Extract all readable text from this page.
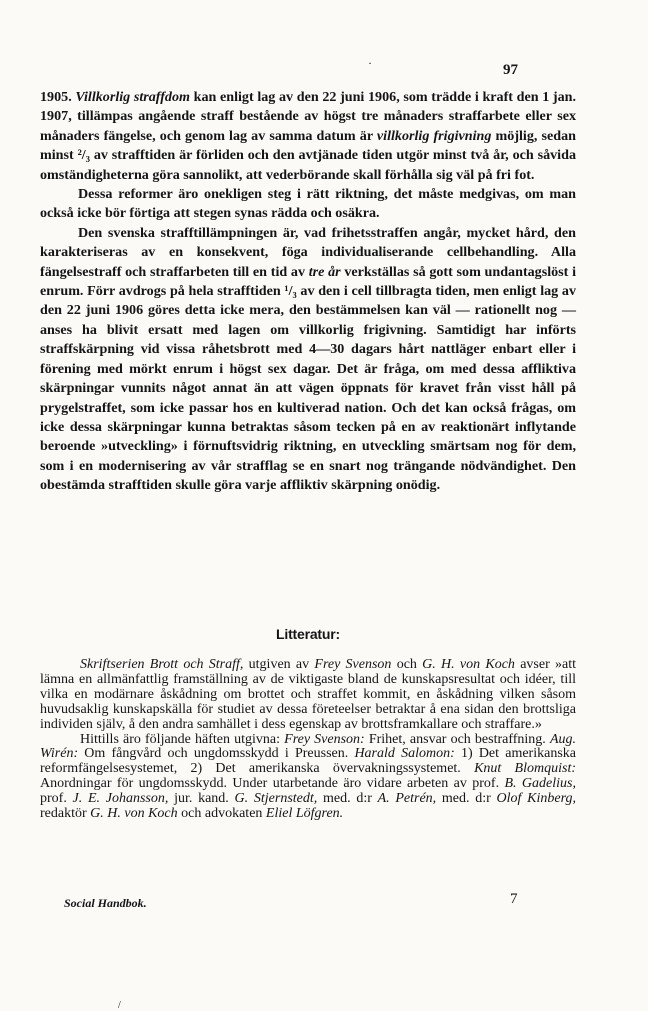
·	97

1905. Villkorlig straffdom kan enligt lag av den 22 juni 1906, som trädde i kraft den 1 jan. 1907, tillämpas angående straff bestående av högst tre månaders straffarbete eller sex månaders fängelse, och genom lag av samma datum är villkorlig frigivning möjlig, sedan minst ²/₃ av strafftiden är förliden och den avtjänade tiden utgör minst två år, och såvida omständigheterna göra sannolikt, att vederbörande skall förhålla sig väl på fri fot.

Dessa reformer äro onekligen steg i rätt riktning, det måste medgivas, om man också icke bör förtiga att stegen synas rädda och osäkra.

Den svenska strafftillämpningen är, vad frihetsstraffen angår, mycket hård, den karakteriseras av en konsekvent, föga individualiserande cellbehandling. Alla fängelsestraff och straffarbeten till en tid av tre år verkställas så gott som undantagslöst i enrum. Förr avdrogs på hela strafftiden ¹/₃ av den i cell tillbragta tiden, men enligt lag av den 22 juni 1906 göres detta icke mera, den bestämmelsen kan väl — rationellt nog — anses ha blivit ersatt med lagen om villkorlig frigivning. Samtidigt har införts straffskärpning vid vissa råhetsbrott med 4—30 dagars hårt nattläger enbart eller i förening med mörkt enrum i högst sex dagar. Det är fråga, om med dessa affliktiva skärpningar vunnits något annat än att vägen öppnats för kravet från visst håll på prygelstraffet, som icke passar hos en kultiverad nation. Och det kan också frågas, om icke dessa skärpningar kunna betraktas såsom tecken på en av reaktionärt inflytande beroende »utveckling» i förnuftsvidrig riktning, en utveckling smärtsam nog för dem, som i en modernisering av vår strafflag se en snart nog trängande nödvändighet. Den obestämda strafftiden skulle göra varje affliktiv skärpning onödig.

Litteratur:

Skriftserien Brott och Straff, utgiven av Frey Svenson och G. H. von Koch avser »att lämna en allmänfattlig framställning av de viktigaste bland de kunskapsresultat och idéer, till vilka en modärnare åskådning om brottet och straffet kommit, en åskådning vilken såsom huvudsaklig kunskapskälla för studiet av dessa företeelser betraktar å ena sidan den brottsliga individen själv, å den andra samhället i dess egenskap av brottsframkallare och straffare.»

Hittills äro följande häften utgivna: Frey Svenson: Frihet, ansvar och bestraffning. Aug. Wirén: Om fångvård och ungdomsskydd i Preussen. Harald Salomon: 1) Det amerikanska reformfängelsesystemet, 2) Det amerikanska övervakningssystemet. Knut Blomquist: Anordningar för ungdomsskydd. Under utarbetande äro vidare arbeten av prof. B. Gadelius, prof. J. E. Johansson, jur. kand. G. Stjernstedt, med. d:r A. Petrén, med. d:r Olof Kinberg, redaktör G. H. von Koch och advokaten Eliel Löfgren.

Social Handbok.	7
/
